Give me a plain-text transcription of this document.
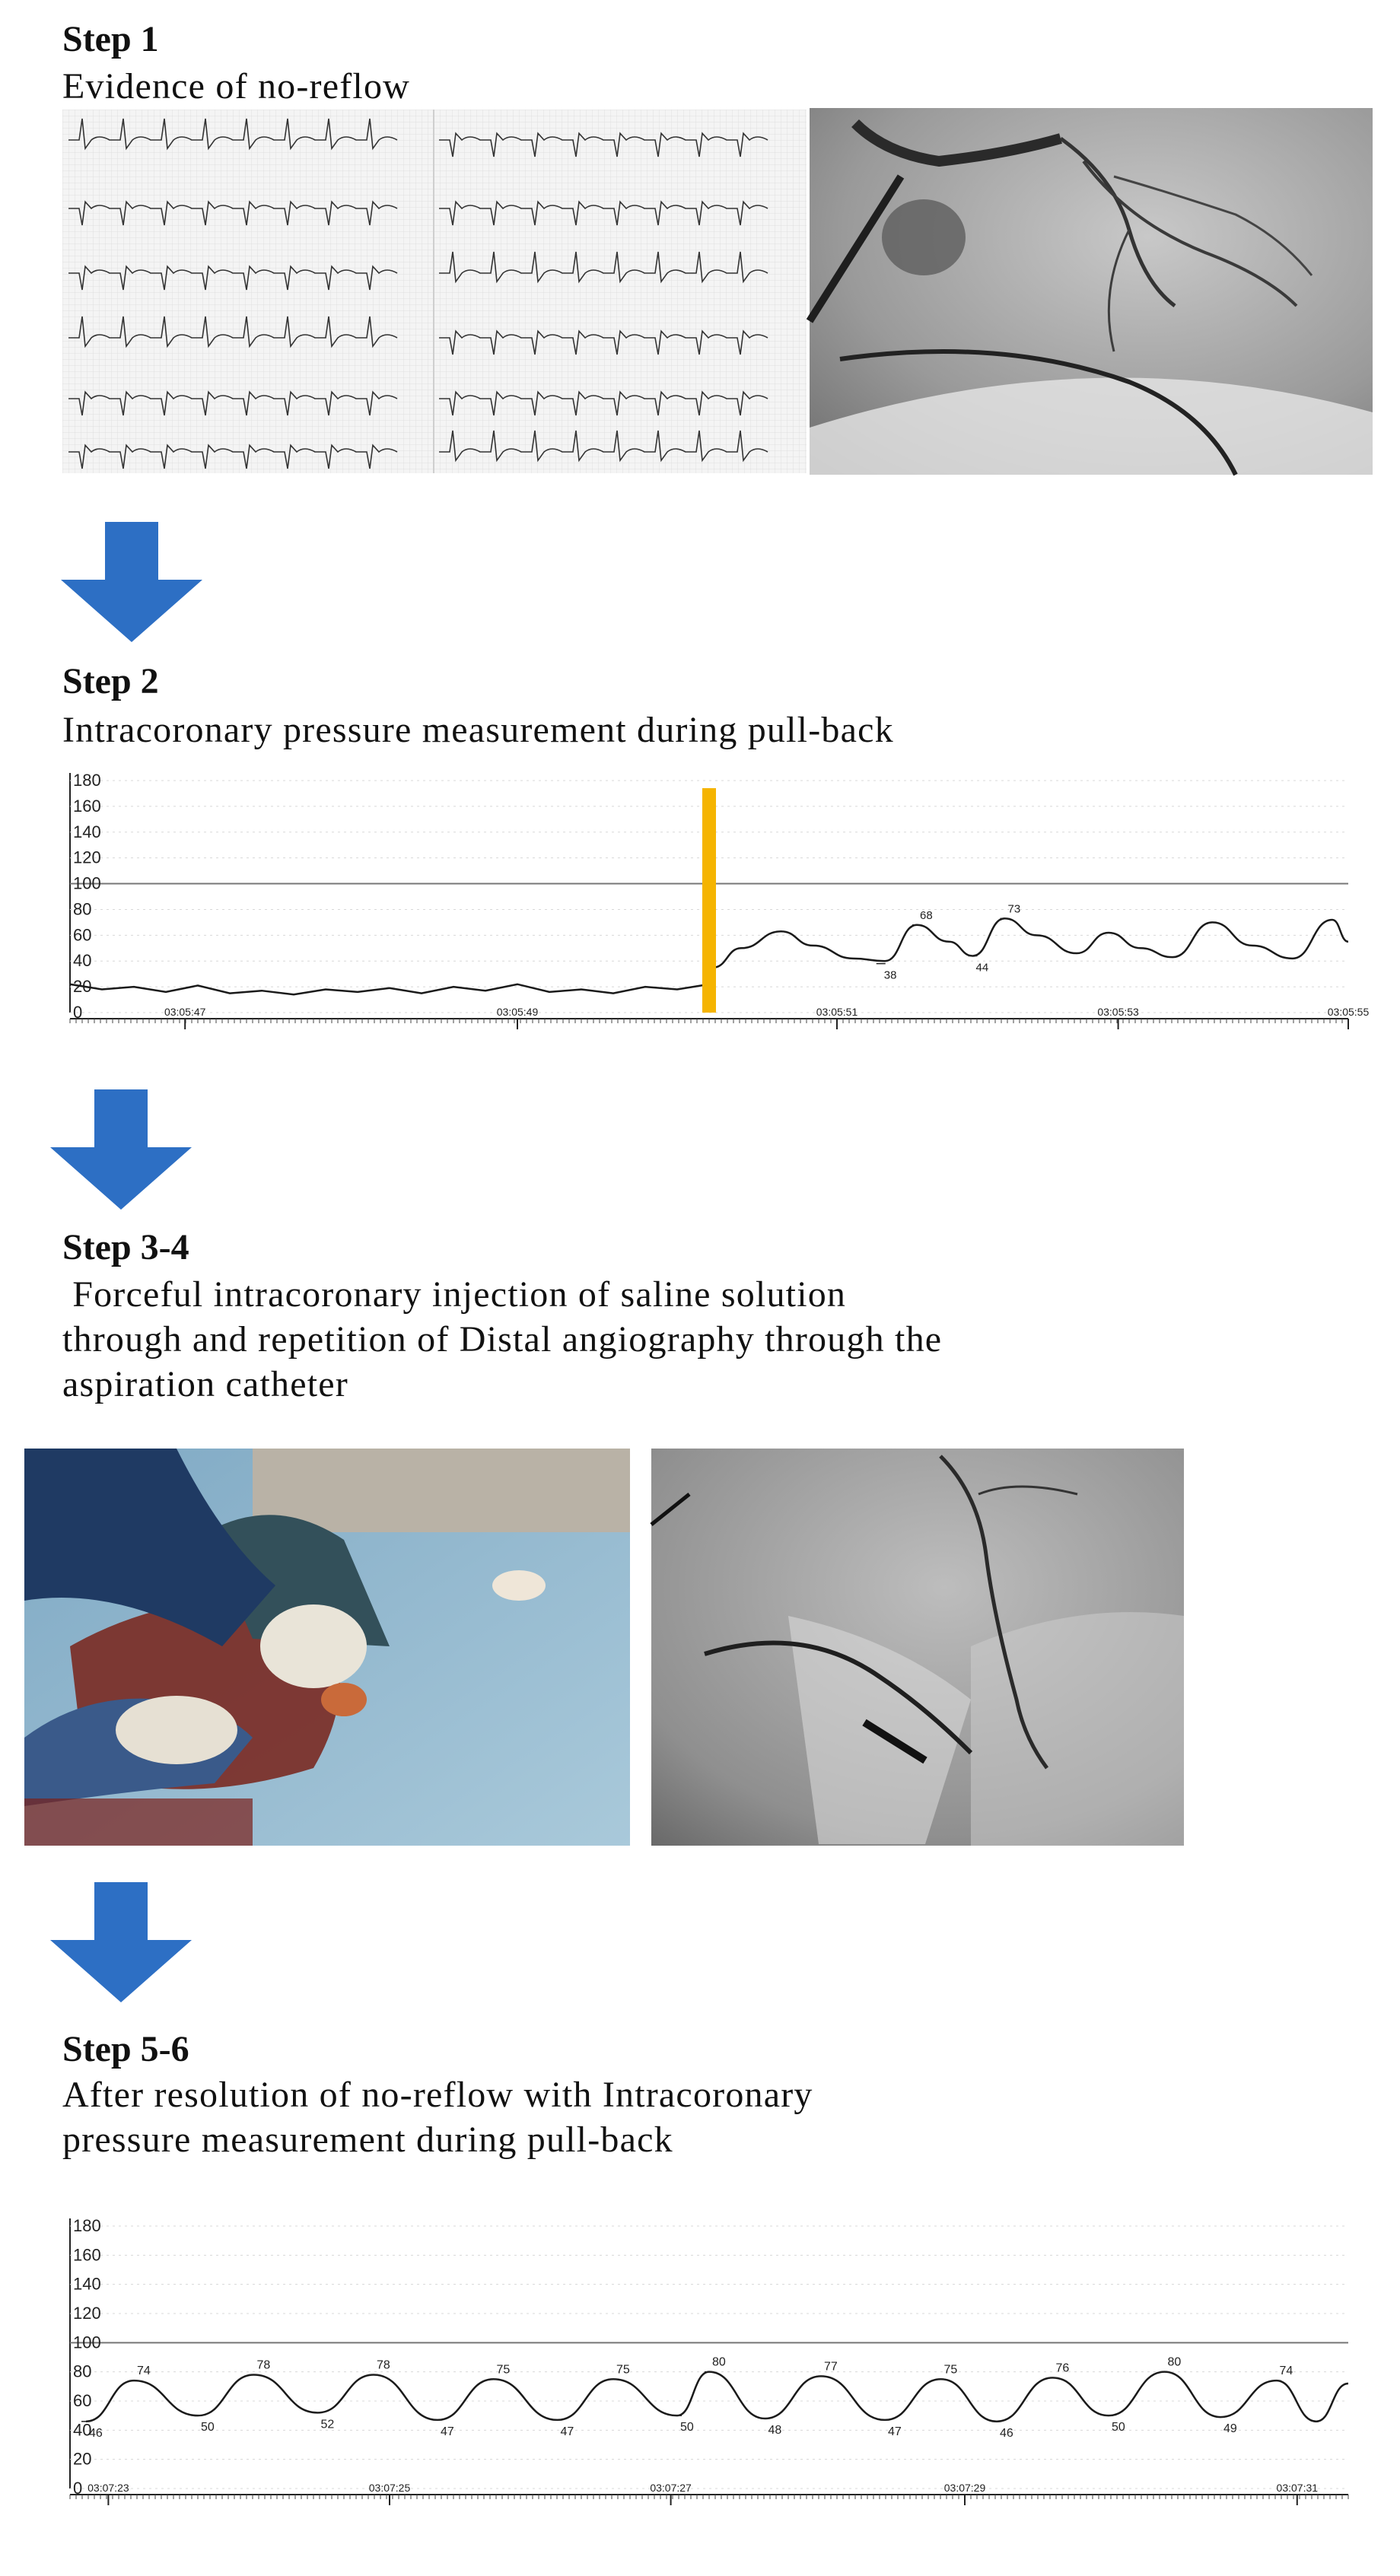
Step 1
Evidence of no-reflow
Step 2
Intracoronary pressure measurement during pull-back
0
20
40
60
80
100
120
140
160
180
03:05:47	03:05:49	03:05:51	03:05:53	03:05:55
38
68
44
73
Step 3-4
Forceful intracoronary injection of saline solution
through and repetition of Distal angiography through the
aspiration catheter
Step 5-6
After resolution of no-reflow with Intracoronary
pressure measurement during pull-back
0
20
40
60
80
100
120
140
160
180
03:07:23	03:07:25	03:07:27	03:07:29	03:07:31
46
74
50
78
52
78
47
75
47
75
50
80
48
77
47
75
46
76
50
80
49
74
